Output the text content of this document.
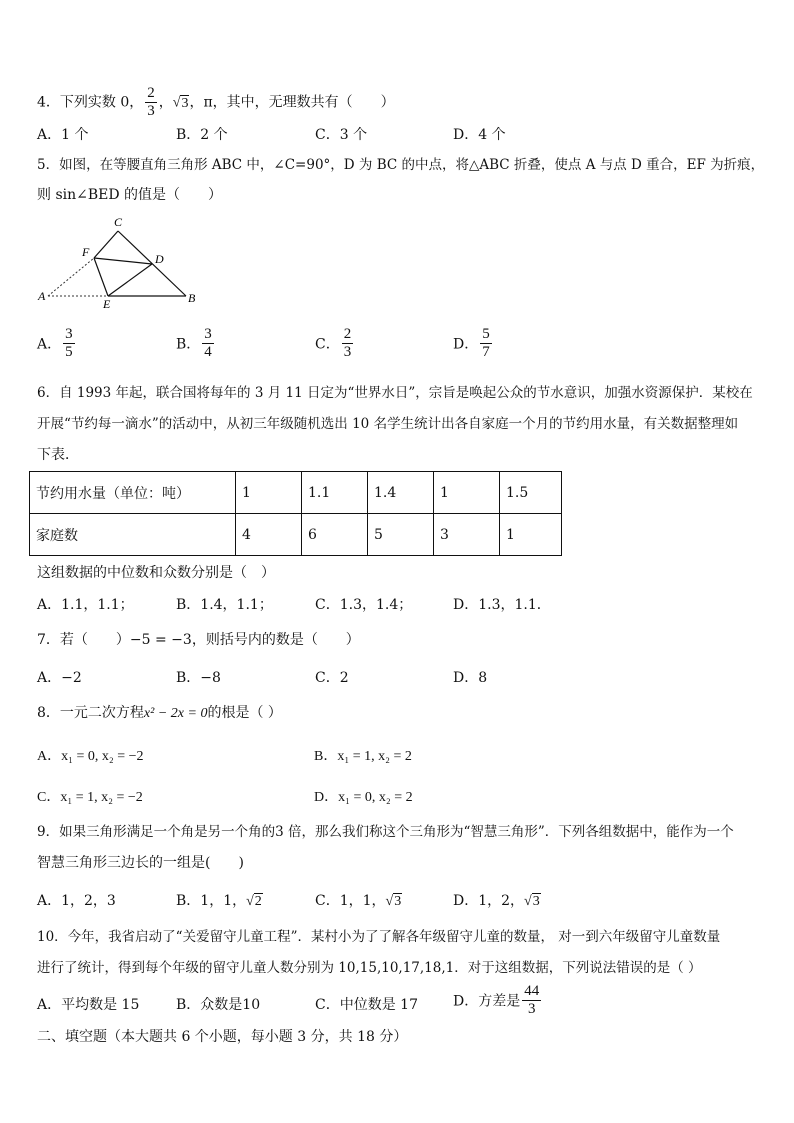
4．下列实数 0， $\frac{2}{3}$ ，√3，π，其中，无理数共有（　　）
A．1 个	B．2 个	C．3 个	D．4 个
5．如图，在等腰直角三角形 ABC 中，∠C=90°，D 为 BC 的中点，将△ABC 折叠，使点 A 与点 D 重合，EF 为折痕，
则 sin∠BED 的值是（　　）
C
F	D
A
E	B
A． $\frac{3}{5}$	B． $\frac{3}{4}$	C． $\frac{2}{3}$	D． $\frac{5}{7}$
6．自 1993 年起，联合国将每年的 3 月 11 日定为“世界水日”，宗旨是唤起公众的节水意识，加强水资源保护．某校在
开展“节约每一滴水”的活动中，从初三年级随机选出 10 名学生统计出各自家庭一个月的节约用水量，有关数据整理如
下表．
节约用水量（单位：吨）	1	1.1	1.4	1	1.5
家庭数	4	6	5	3	1
这组数据的中位数和众数分别是（　）
A．1.1，1.1；	B．1.4，1.1；	C．1.3，1.4；	D．1.3，1.1．
7．若（　　）−5 = −3，则括号内的数是（　　）
A．−2	B．−8	C．2	D．8
8．一元二次方程x² − 2x = 0的根是（ ）
A．x₁ = 0, x₂ = −2	B．x₁ = 1, x₂ = 2
C．x₁ = 1, x₂ = −2	D．x₁ = 0, x₂ = 2
9．如果三角形满足一个角是另一个角的3 倍，那么我们称这个三角形为“智慧三角形”．下列各组数据中，能作为一个
智慧三角形三边长的一组是(　　)
A．1，2，3	B．1，1，√2	C．1，1，√3	D．1，2，√3
10．今年，我省启动了“关爱留守儿童工程”．某村小为了了解各年级留守儿童的数量， 对一到六年级留守儿童数量
进行了统计，得到每个年级的留守儿童人数分别为 10,15,10,17,18,1．对于这组数据，下列说法错误的是（ ）
A．平均数是 15	B．众数是10	C．中位数是 17	D．方差是 $\frac{44}{3}$
二、填空题（本大题共 6 个小题，每小题 3 分，共 18 分）
